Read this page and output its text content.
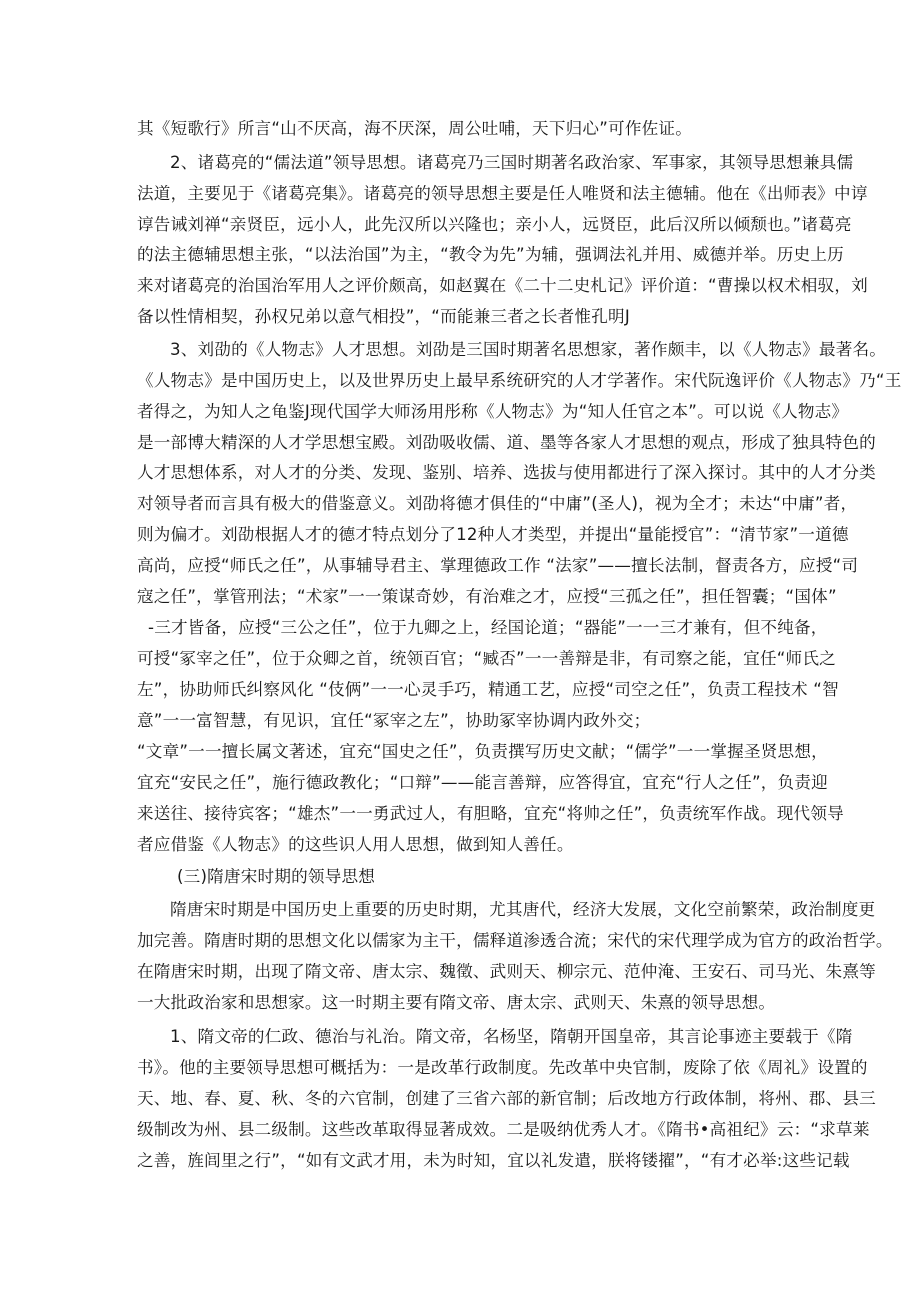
其《短歌行》所言“山不厌高，海不厌深，周公吐哺，天下归心”可作佐证。
2、诸葛亮的“儒法道”领导思想。诸葛亮乃三国时期著名政治家、军事家，其领导思想兼具儒
法道，主要见于《诸葛亮集》。诸葛亮的领导思想主要是任人唯贤和法主德辅。他在《出师表》中谆
谆告诫刘禅“亲贤臣，远小人，此先汉所以兴隆也；亲小人，远贤臣，此后汉所以倾颓也。”诸葛亮
的法主德辅思想主张，“以法治国”为主，“教令为先”为辅，强调法礼并用、威德并举。历史上历
来对诸葛亮的治国治军用人之评价颇高，如赵翼在《二十二史札记》评价道：“曹操以权术相驭，刘
备以性情相契，孙权兄弟以意气相投”，“而能兼三者之长者惟孔明J
3、刘劭的《人物志》人才思想。刘劭是三国时期著名思想家，著作颇丰，以《人物志》最著名。
《人物志》是中国历史上，以及世界历史上最早系统研究的人才学著作。宋代阮逸评价《人物志》乃“王
者得之，为知人之龟鉴J现代国学大师汤用彤称《人物志》为“知人任官之本”。可以说《人物志》
是一部博大精深的人才学思想宝殿。刘劭吸收儒、道、墨等各家人才思想的观点，形成了独具特色的
人才思想体系，对人才的分类、发现、鉴别、培养、选拔与使用都进行了深入探讨。其中的人才分类
对领导者而言具有极大的借鉴意义。刘劭将德才俱佳的“中庸”(圣人)，视为全才；未达“中庸”者，
则为偏才。刘劭根据人才的德才特点划分了12种人才类型，并提出“量能授官”：“清节家”一道德
高尚，应授“师氏之任”，从事辅导君主、掌理德政工作 “法家”——擅长法制，督责各方，应授“司
寇之任”，掌管刑法；“术家”一一策谋奇妙，有治难之才，应授“三孤之任”，担任智囊；“国体”
-三才皆备，应授“三公之任”，位于九卿之上，经国论道；“器能”一一三才兼有，但不纯备，
可授“冢宰之任”，位于众卿之首，统领百官；“臧否”一一善辩是非，有司察之能，宜任“师氏之
左”，协助师氏纠察风化 “伎俩”一一心灵手巧，精通工艺，应授“司空之任”，负责工程技术 “智
意”一一富智慧，有见识，宜任“冢宰之左”，协助冢宰协调内政外交；
“文章”一一擅长属文著述，宜充“国史之任”，负责撰写历史文献；“儒学”一一掌握圣贤思想，
宜充“安民之任”，施行德政教化；“口辩”——能言善辩，应答得宜，宜充“行人之任”，负责迎
来送往、接待宾客；“雄杰”一一勇武过人，有胆略，宜充“将帅之任”，负责统军作战。现代领导
者应借鉴《人物志》的这些识人用人思想，做到知人善任。
(三)隋唐宋时期的领导思想
隋唐宋时期是中国历史上重要的历史时期，尤其唐代，经济大发展，文化空前繁荣，政治制度更
加完善。隋唐时期的思想文化以儒家为主干，儒释道渗透合流；宋代的宋代理学成为官方的政治哲学。
在隋唐宋时期，出现了隋文帝、唐太宗、魏徵、武则天、柳宗元、范仲淹、王安石、司马光、朱熹等
一大批政治家和思想家。这一时期主要有隋文帝、唐太宗、武则天、朱熹的领导思想。
1、隋文帝的仁政、德治与礼治。隋文帝，名杨坚，隋朝开国皇帝，其言论事迹主要载于《隋
书》。他的主要领导思想可概括为：一是改革行政制度。先改革中央官制，废除了依《周礼》设置的
天、地、春、夏、秋、冬的六官制，创建了三省六部的新官制；后改地方行政体制，将州、郡、县三
级制改为州、县二级制。这些改革取得显著成效。二是吸纳优秀人才。《隋书•高祖纪》云：“求草莱
之善，旌闾里之行”，“如有文武才用，未为时知，宜以礼发遣，朕将镂擢”，“有才必举:这些记载
